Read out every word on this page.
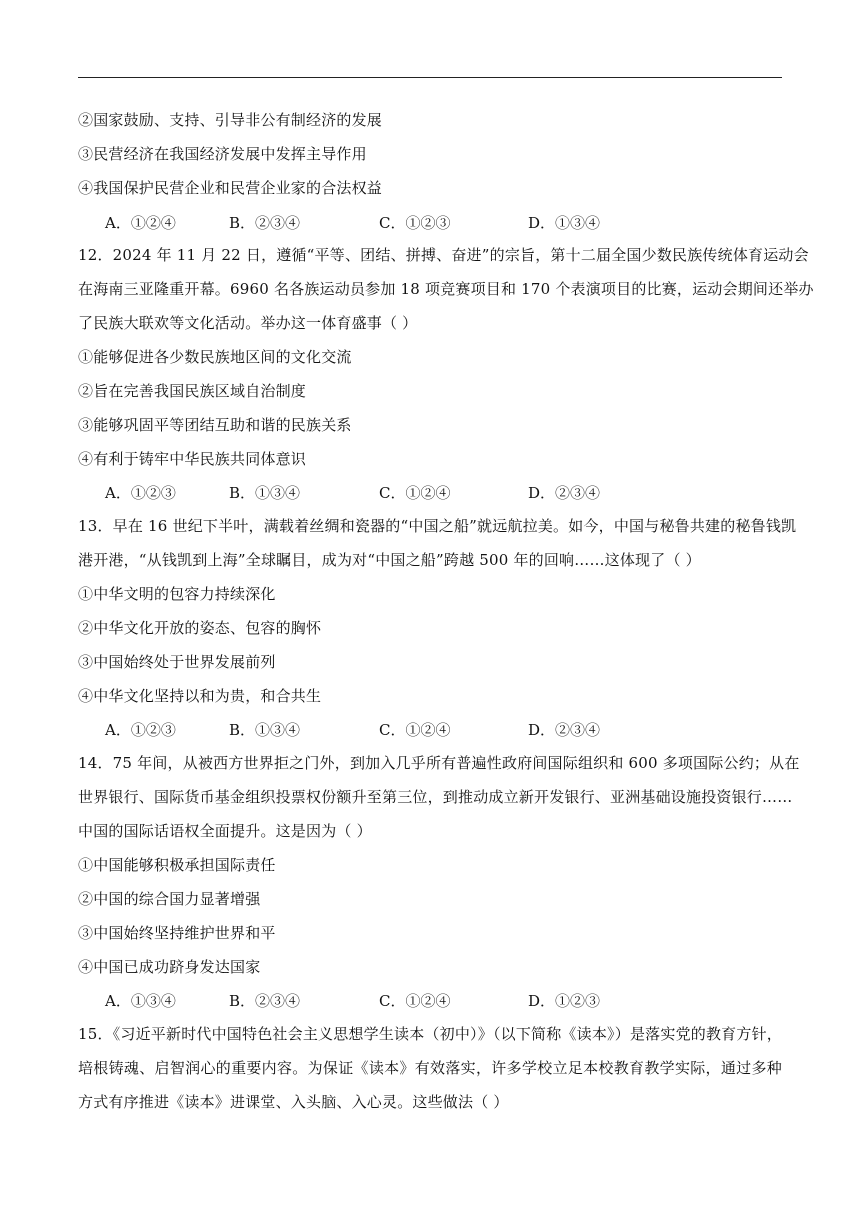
②国家鼓励、支持、引导非公有制经济的发展
③民营经济在我国经济发展中发挥主导作用
④我国保护民营企业和民营企业家的合法权益
A．①②④	B．②③④	C．①②③	D．①③④
12．2024 年 11 月 22 日，遵循“平等、团结、拼搏、奋进”的宗旨，第十二届全国少数民族传统体育运动会
在海南三亚隆重开幕。6960 名各族运动员参加 18 项竞赛项目和 170 个表演项目的比赛，运动会期间还举办
了民族大联欢等文化活动。举办这一体育盛事（ ）
①能够促进各少数民族地区间的文化交流
②旨在完善我国民族区域自治制度
③能够巩固平等团结互助和谐的民族关系
④有利于铸牢中华民族共同体意识
A．①②③	B．①③④	C．①②④	D．②③④
13．早在 16 世纪下半叶，满载着丝绸和瓷器的“中国之船”就远航拉美。如今，中国与秘鲁共建的秘鲁钱凯
港开港，“从钱凯到上海”全球瞩目，成为对“中国之船”跨越 500 年的回响……这体现了（ ）
①中华文明的包容力持续深化
②中华文化开放的姿态、包容的胸怀
③中国始终处于世界发展前列
④中华文化坚持以和为贵，和合共生
A．①②③	B．①③④	C．①②④	D．②③④
14．75 年间，从被西方世界拒之门外，到加入几乎所有普遍性政府间国际组织和 600 多项国际公约；从在
世界银行、国际货币基金组织投票权份额升至第三位，到推动成立新开发银行、亚洲基础设施投资银行……
中国的国际话语权全面提升。这是因为（ ）
①中国能够积极承担国际责任
②中国的综合国力显著增强
③中国始终坚持维护世界和平
④中国已成功跻身发达国家
A．①③④	B．②③④	C．①②④	D．①②③
15．《习近平新时代中国特色社会主义思想学生读本（初中）》（以下简称《读本》）是落实党的教育方针，
培根铸魂、启智润心的重要内容。为保证《读本》有效落实，许多学校立足本校教育教学实际，通过多种
方式有序推进《读本》进课堂、入头脑、入心灵。这些做法（ ）
